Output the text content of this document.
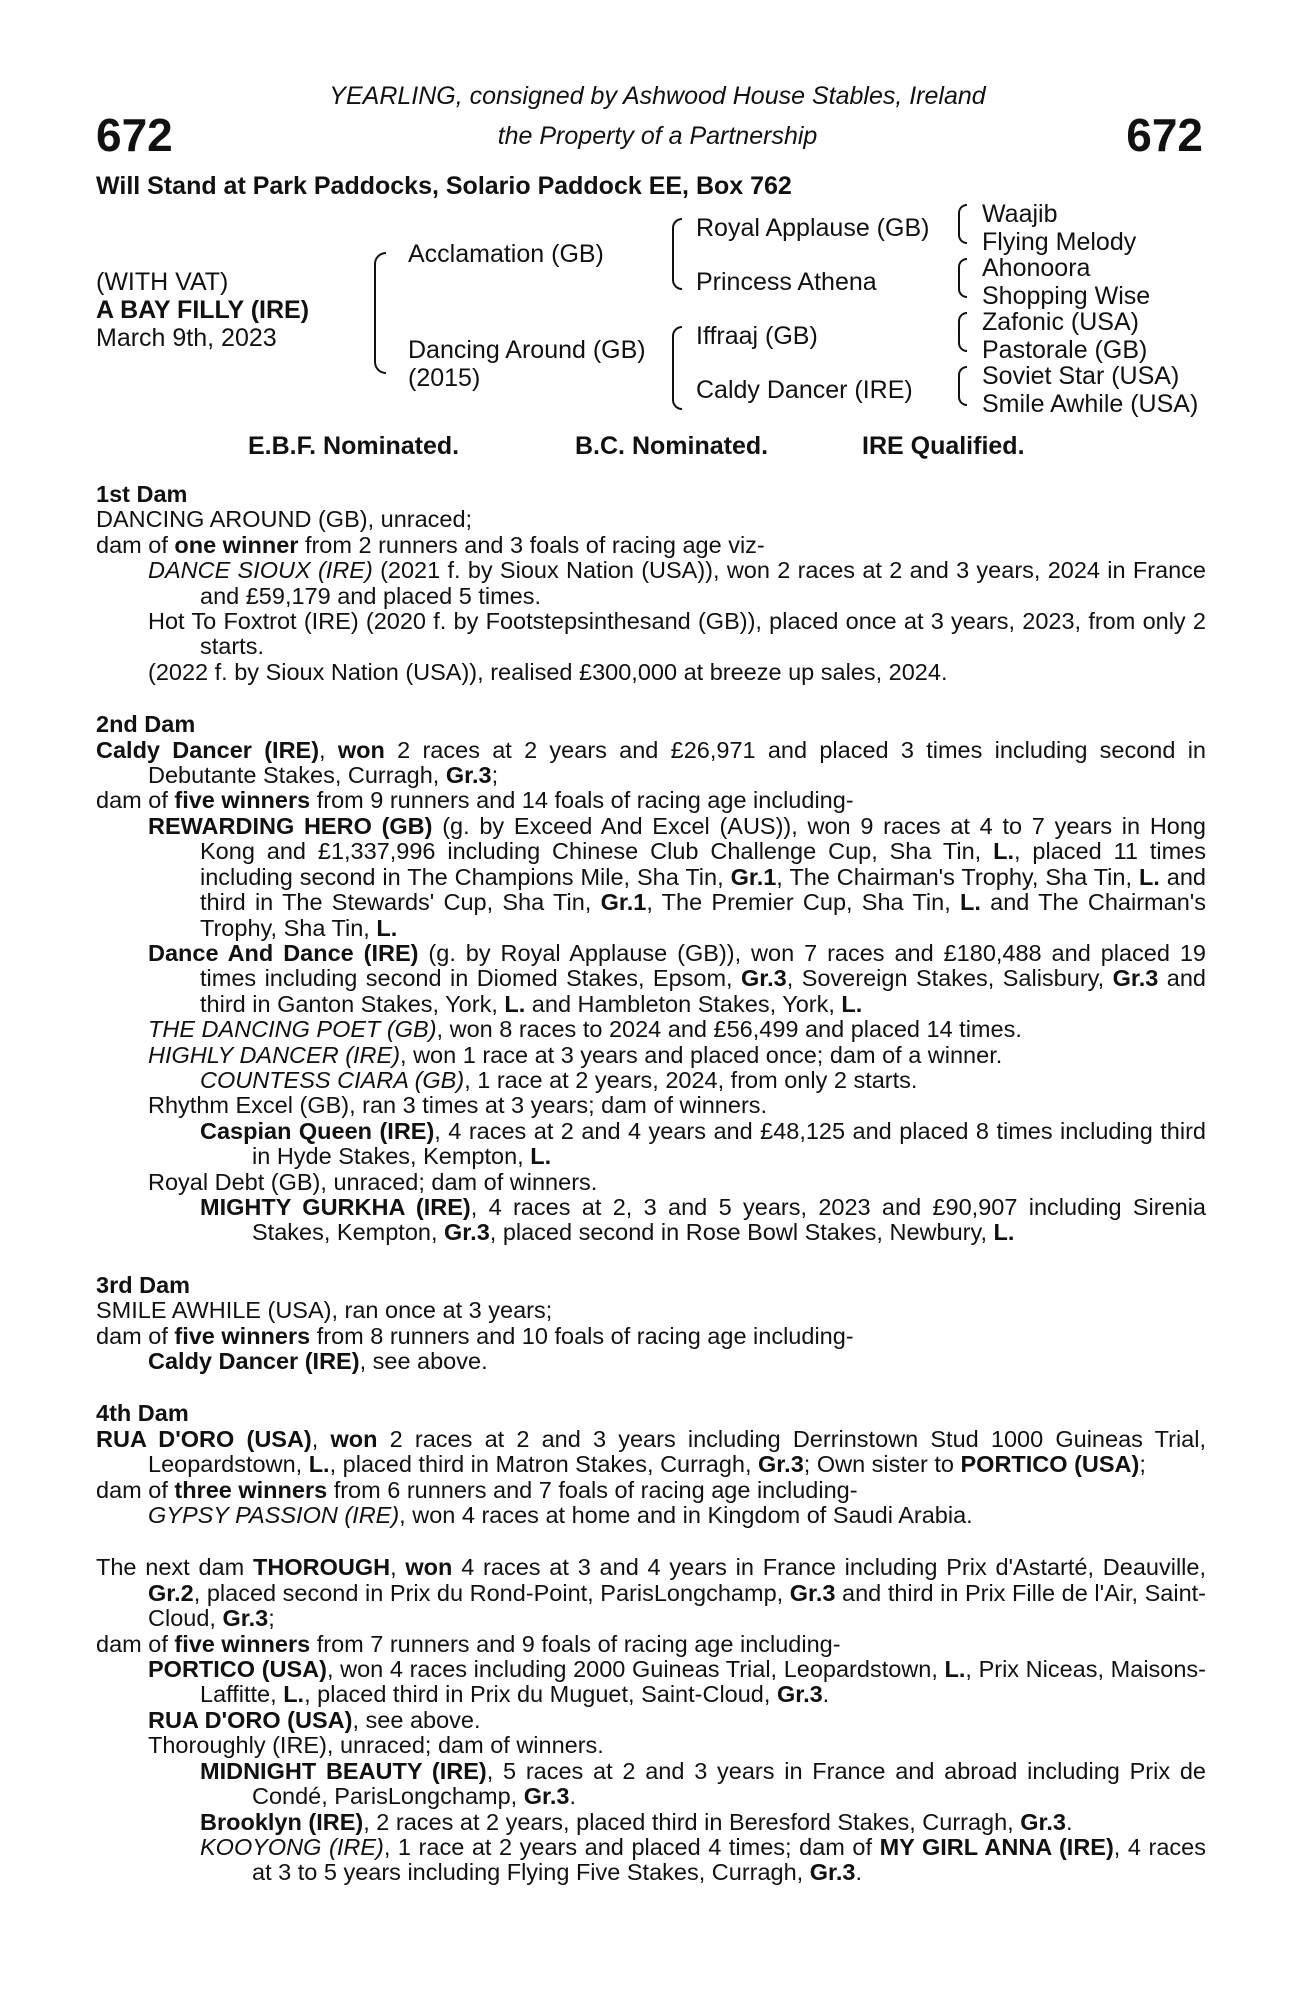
672	672
YEARLING, consigned by Ashwood House Stables, Ireland
the Property of a Partnership
Will Stand at Park Paddocks, Solario Paddock EE, Box 762
(WITH VAT)
A BAY FILLY (IRE)
March 9th, 2023
Acclamation (GB)
Dancing Around (GB)
(2015)
Royal Applause (GB)
Princess Athena
Iffraaj (GB)
Caldy Dancer (IRE)
Waajib
Flying Melody
Ahonoora
Shopping Wise
Zafonic (USA)
Pastorale (GB)
Soviet Star (USA)
Smile Awhile (USA)
E.B.F. Nominated.	B.C. Nominated.	IRE Qualified.
1st Dam
DANCING AROUND (GB), unraced;
dam of one winner from 2 runners and 3 foals of racing age viz-
DANCE SIOUX (IRE) (2021 f. by Sioux Nation (USA)), won 2 races at 2 and 3 years, 2024 in France and £59,179 and placed 5 times.
Hot To Foxtrot (IRE) (2020 f. by Footstepsinthesand (GB)), placed once at 3 years, 2023, from only 2 starts.
(2022 f. by Sioux Nation (USA)), realised £300,000 at breeze up sales, 2024.
2nd Dam
Caldy Dancer (IRE), won 2 races at 2 years and £26,971 and placed 3 times including second in Debutante Stakes, Curragh, Gr.3;
dam of five winners from 9 runners and 14 foals of racing age including-
REWARDING HERO (GB) (g. by Exceed And Excel (AUS)), won 9 races at 4 to 7 years in Hong Kong and £1,337,996 including Chinese Club Challenge Cup, Sha Tin, L., placed 11 times including second in The Champions Mile, Sha Tin, Gr.1, The Chairman's Trophy, Sha Tin, L. and third in The Stewards' Cup, Sha Tin, Gr.1, The Premier Cup, Sha Tin, L. and The Chairman's Trophy, Sha Tin, L.
Dance And Dance (IRE) (g. by Royal Applause (GB)), won 7 races and £180,488 and placed 19 times including second in Diomed Stakes, Epsom, Gr.3, Sovereign Stakes, Salisbury, Gr.3 and third in Ganton Stakes, York, L. and Hambleton Stakes, York, L.
THE DANCING POET (GB), won 8 races to 2024 and £56,499 and placed 14 times.
HIGHLY DANCER (IRE), won 1 race at 3 years and placed once; dam of a winner.
COUNTESS CIARA (GB), 1 race at 2 years, 2024, from only 2 starts.
Rhythm Excel (GB), ran 3 times at 3 years; dam of winners.
Caspian Queen (IRE), 4 races at 2 and 4 years and £48,125 and placed 8 times including third in Hyde Stakes, Kempton, L.
Royal Debt (GB), unraced; dam of winners.
MIGHTY GURKHA (IRE), 4 races at 2, 3 and 5 years, 2023 and £90,907 including Sirenia Stakes, Kempton, Gr.3, placed second in Rose Bowl Stakes, Newbury, L.
3rd Dam
SMILE AWHILE (USA), ran once at 3 years;
dam of five winners from 8 runners and 10 foals of racing age including-
Caldy Dancer (IRE), see above.
4th Dam
RUA D'ORO (USA), won 2 races at 2 and 3 years including Derrinstown Stud 1000 Guineas Trial, Leopardstown, L., placed third in Matron Stakes, Curragh, Gr.3; Own sister to PORTICO (USA);
dam of three winners from 6 runners and 7 foals of racing age including-
GYPSY PASSION (IRE), won 4 races at home and in Kingdom of Saudi Arabia.
The next dam THOROUGH, won 4 races at 3 and 4 years in France including Prix d'Astarté, Deauville, Gr.2, placed second in Prix du Rond-Point, ParisLongchamp, Gr.3 and third in Prix Fille de l'Air, Saint-Cloud, Gr.3;
dam of five winners from 7 runners and 9 foals of racing age including-
PORTICO (USA), won 4 races including 2000 Guineas Trial, Leopardstown, L., Prix Niceas, Maisons-Laffitte, L., placed third in Prix du Muguet, Saint-Cloud, Gr.3.
RUA D'ORO (USA), see above.
Thoroughly (IRE), unraced; dam of winners.
MIDNIGHT BEAUTY (IRE), 5 races at 2 and 3 years in France and abroad including Prix de Condé, ParisLongchamp, Gr.3.
Brooklyn (IRE), 2 races at 2 years, placed third in Beresford Stakes, Curragh, Gr.3.
KOOYONG (IRE), 1 race at 2 years and placed 4 times; dam of MY GIRL ANNA (IRE), 4 races at 3 to 5 years including Flying Five Stakes, Curragh, Gr.3.
